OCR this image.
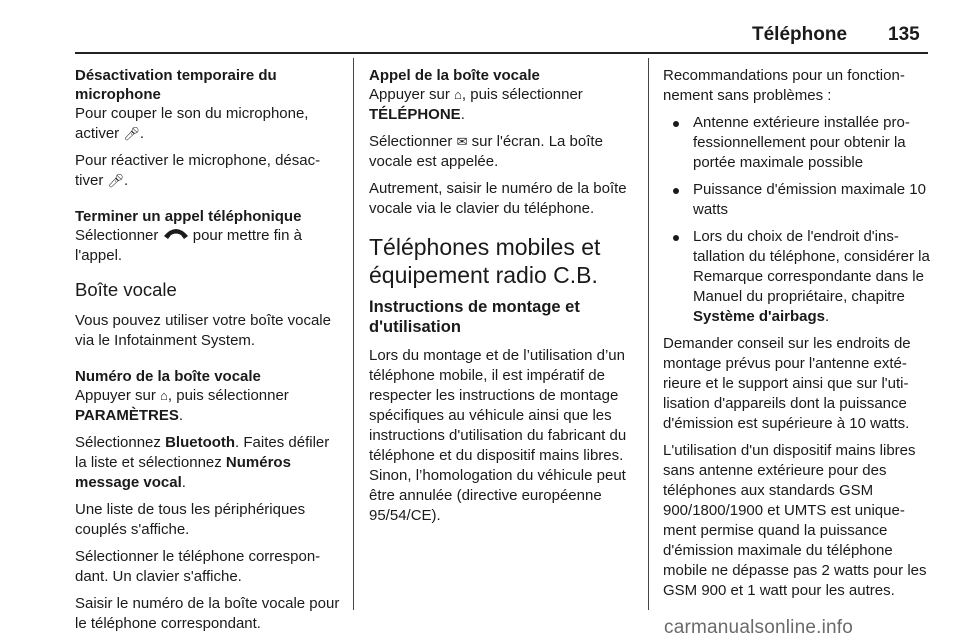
Téléphone 135
Désactivation temporaire du microphone

Pour couper le son du microphone, activer 🎤︎.

Pour réactiver le microphone, désactiver 🎤︎.

Terminer un appel téléphonique

Sélectionner  pour mettre fin à l'appel.

Boîte vocale

Vous pouvez utiliser votre boîte vocale via le Infotainment System.

Numéro de la boîte vocale

Appuyer sur ⌂, puis sélectionner PARAMÈTRES.

Sélectionnez Bluetooth. Faites défiler la liste et sélectionnez Numéros message vocal.

Une liste de tous les périphériques couplés s'affiche.

Sélectionner le téléphone correspondant. Un clavier s'affiche.

Saisir le numéro de la boîte vocale pour le téléphone correspondant.

Appel de la boîte vocale

Appuyer sur ⌂, puis sélectionner TÉLÉPHONE.

Sélectionner ✉ sur l'écran. La boîte vocale est appelée.

Autrement, saisir le numéro de la boîte vocale via le clavier du téléphone.

Téléphones mobiles et équipement radio C.B.
Instructions de montage et d'utilisation

Lors du montage et de l’utilisation d’un téléphone mobile, il est impératif de respecter les instructions de montage spécifiques au véhicule ainsi que les instructions d'utilisation du fabricant du téléphone et du dispositif mains libres. Sinon, l’homologation du véhicule peut être annulée (directive européenne 95/54/CE).

Recommandations pour un fonctionnement sans problèmes :

Antenne extérieure installée professionnellement pour obtenir la portée maximale possible
Puissance d'émission maximale 10 watts
Lors du choix de l'endroit d'installation du téléphone, considérer la Remarque correspondante dans le Manuel du propriétaire, chapitre Système d'airbags.

Demander conseil sur les endroits de montage prévus pour l'antenne extérieure et le support ainsi que sur l'utilisation d'appareils dont la puissance d'émission est supérieure à 10 watts.

L'utilisation d'un dispositif mains libres sans antenne extérieure pour des téléphones aux standards GSM 900/1800/1900 et UMTS est uniquement permise quand la puissance d'émission maximale du téléphone mobile ne dépasse pas 2 watts pour les GSM 900 et 1 watt pour les autres.

carmanualsonline.info
